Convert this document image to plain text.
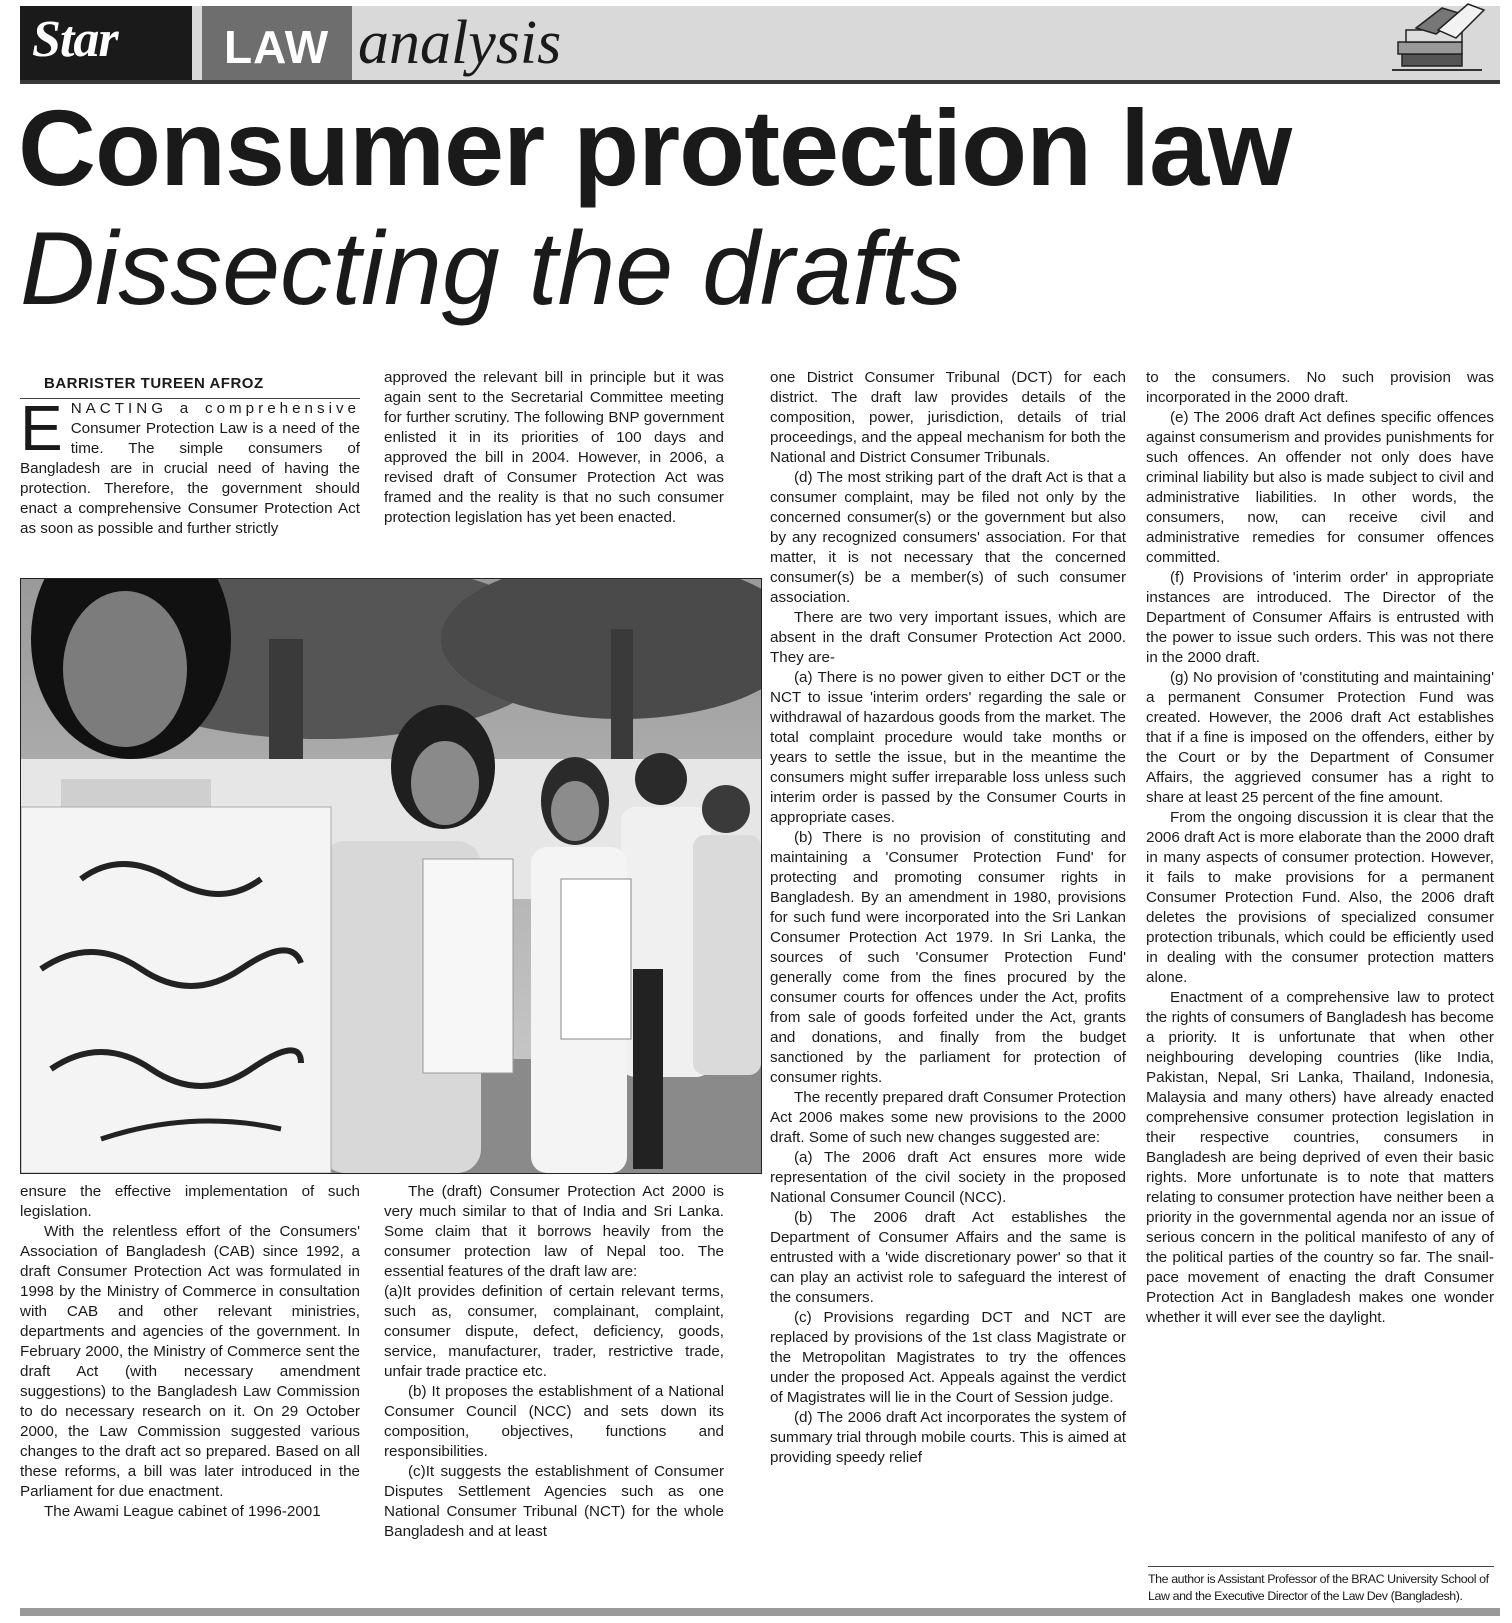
Star LAW analysis
Consumer protection law
Dissecting the drafts

BARRISTER TUREEN AFROZ

ENACTING a comprehensive Consumer Protection Law is a need of the time. The simple consumers of Bangladesh are in crucial need of having the protection. Therefore, the government should enact a comprehensive Consumer Protection Act as soon as possible and further strictly

approved the relevant bill in principle but it was again sent to the Secretarial Committee meeting for further scrutiny. The following BNP government enlisted it in its priorities of 100 days and approved the bill in 2004. However, in 2006, a revised draft of Consumer Protection Act was framed and the reality is that no such consumer protection legislation has yet been enacted.

ensure the effective implementation of such legislation.

With the relentless effort of the Consumers' Association of Bangladesh (CAB) since 1992, a draft Consumer Protection Act was formulated in 1998 by the Ministry of Commerce in consultation with CAB and other relevant ministries, departments and agencies of the government. In February 2000, the Ministry of Commerce sent the draft Act (with necessary amendment suggestions) to the Bangladesh Law Commission to do necessary research on it. On 29 October 2000, the Law Commission suggested various changes to the draft act so prepared. Based on all these reforms, a bill was later introduced in the Parliament for due enactment.

The Awami League cabinet of 1996-2001

The (draft) Consumer Protection Act 2000 is very much similar to that of India and Sri Lanka. Some claim that it borrows heavily from the consumer protection law of Nepal too. The essential features of the draft law are:

(a)It provides definition of certain relevant terms, such as, consumer, complainant, complaint, consumer dispute, defect, deficiency, goods, service, manufacturer, trader, restrictive trade, unfair trade practice etc.

(b) It proposes the establishment of a National Consumer Council (NCC) and sets down its composition, objectives, functions and responsibilities.

(c)It suggests the establishment of Consumer Disputes Settlement Agencies such as one National Consumer Tribunal (NCT) for the whole Bangladesh and at least

one District Consumer Tribunal (DCT) for each district. The draft law provides details of the composition, power, jurisdiction, details of trial proceedings, and the appeal mechanism for both the National and District Consumer Tribunals.

(d) The most striking part of the draft Act is that a consumer complaint, may be filed not only by the concerned consumer(s) or the government but also by any recognized consumers' association. For that matter, it is not necessary that the concerned consumer(s) be a member(s) of such consumer association.

There are two very important issues, which are absent in the draft Consumer Protection Act 2000. They are-

(a) There is no power given to either DCT or the NCT to issue 'interim orders' regarding the sale or withdrawal of hazardous goods from the market. The total complaint procedure would take months or years to settle the issue, but in the meantime the consumers might suffer irreparable loss unless such interim order is passed by the Consumer Courts in appropriate cases.

(b) There is no provision of constituting and maintaining a 'Consumer Protection Fund' for protecting and promoting consumer rights in Bangladesh. By an amendment in 1980, provisions for such fund were incorporated into the Sri Lankan Consumer Protection Act 1979. In Sri Lanka, the sources of such 'Consumer Protection Fund' generally come from the fines procured by the consumer courts for offences under the Act, profits from sale of goods forfeited under the Act, grants and donations, and finally from the budget sanctioned by the parliament for protection of consumer rights.

The recently prepared draft Consumer Protection Act 2006 makes some new provisions to the 2000 draft. Some of such new changes suggested are:

(a) The 2006 draft Act ensures more wide representation of the civil society in the proposed National Consumer Council (NCC).

(b) The 2006 draft Act establishes the Department of Consumer Affairs and the same is entrusted with a 'wide discretionary power' so that it can play an activist role to safeguard the interest of the consumers.

(c) Provisions regarding DCT and NCT are replaced by provisions of the 1st class Magistrate or the Metropolitan Magistrates to try the offences under the proposed Act. Appeals against the verdict of Magistrates will lie in the Court of Session judge.

(d) The 2006 draft Act incorporates the system of summary trial through mobile courts. This is aimed at providing speedy relief

to the consumers. No such provision was incorporated in the 2000 draft.

(e) The 2006 draft Act defines specific offences against consumerism and provides punishments for such offences. An offender not only does have criminal liability but also is made subject to civil and administrative liabilities. In other words, the consumers, now, can receive civil and administrative remedies for consumer offences committed.

(f) Provisions of 'interim order' in appropriate instances are introduced. The Director of the Department of Consumer Affairs is entrusted with the power to issue such orders. This was not there in the 2000 draft.

(g) No provision of 'constituting and maintaining' a permanent Consumer Protection Fund was created. However, the 2006 draft Act establishes that if a fine is imposed on the offenders, either by the Court or by the Department of Consumer Affairs, the aggrieved consumer has a right to share at least 25 percent of the fine amount.

From the ongoing discussion it is clear that the 2006 draft Act is more elaborate than the 2000 draft in many aspects of consumer protection. However, it fails to make provisions for a permanent Consumer Protection Fund. Also, the 2006 draft deletes the provisions of specialized consumer protection tribunals, which could be efficiently used in dealing with the consumer protection matters alone.

Enactment of a comprehensive law to protect the rights of consumers of Bangladesh has become a priority. It is unfortunate that when other neighbouring developing countries (like India, Pakistan, Nepal, Sri Lanka, Thailand, Indonesia, Malaysia and many others) have already enacted comprehensive consumer protection legislation in their respective countries, consumers in Bangladesh are being deprived of even their basic rights. More unfortunate is to note that matters relating to consumer protection have neither been a priority in the governmental agenda nor an issue of serious concern in the political manifesto of any of the political parties of the country so far. The snail-pace movement of enacting the draft Consumer Protection Act in Bangladesh makes one wonder whether it will ever see the daylight.

The author is Assistant Professor of the BRAC University School of Law and the Executive Director of the Law Dev (Bangladesh).
